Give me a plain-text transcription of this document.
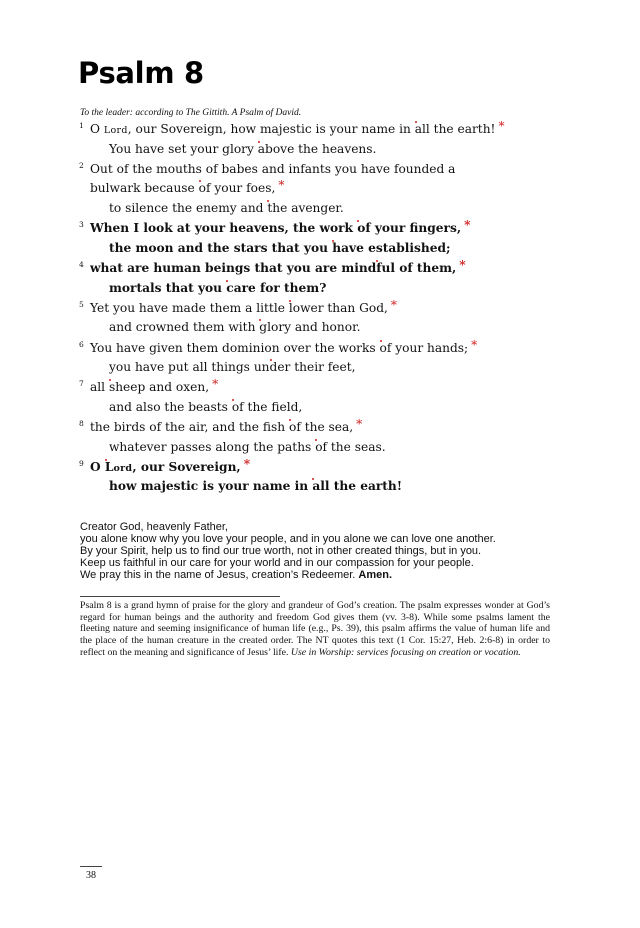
Psalm 8

To the leader: according to The Gittith. A Psalm of David.

1 O Lord, our Sovereign, how majestic is your name in all the earth! *
You have set your glory above the heavens.
2 Out of the mouths of babes and infants you have founded a
bulwark because of your foes, *
to silence the enemy and the avenger.
3 When I look at your heavens, the work of your fingers, *
the moon and the stars that you have established;
4 what are human beings that you are mindful of them, *
mortals that you care for them?
5 Yet you have made them a little lower than God, *
and crowned them with glory and honor.
6 You have given them dominion over the works of your hands; *
you have put all things under their feet,
7 all sheep and oxen, *
and also the beasts of the field,
8 the birds of the air, and the fish of the sea, *
whatever passes along the paths of the seas.
9 O Lord, our Sovereign, *
how majestic is your name in all the earth!
Creator God, heavenly Father,
you alone know why you love your people, and in you alone we can love one another.
By your Spirit, help us to find our true worth, not in other created things, but in you.
Keep us faithful in our care for your world and in our compassion for your people.
We pray this in the name of Jesus, creation’s Redeemer. Amen.

Psalm 8 is a grand hymn of praise for the glory and grandeur of God’s creation. The psalm expresses wonder at God’s regard for human beings and the authority and freedom God gives them (vv. 3-8). While some psalms lament the fleeting nature and seeming insignificance of human life (e.g., Ps. 39), this psalm affirms the value of human life and the place of the human creature in the created order. The NT quotes this text (1 Cor. 15:27, Heb. 2:6-8) in order to reflect on the meaning and significance of Jesus’ life. Use in Worship: services focusing on creation or vocation.

38
